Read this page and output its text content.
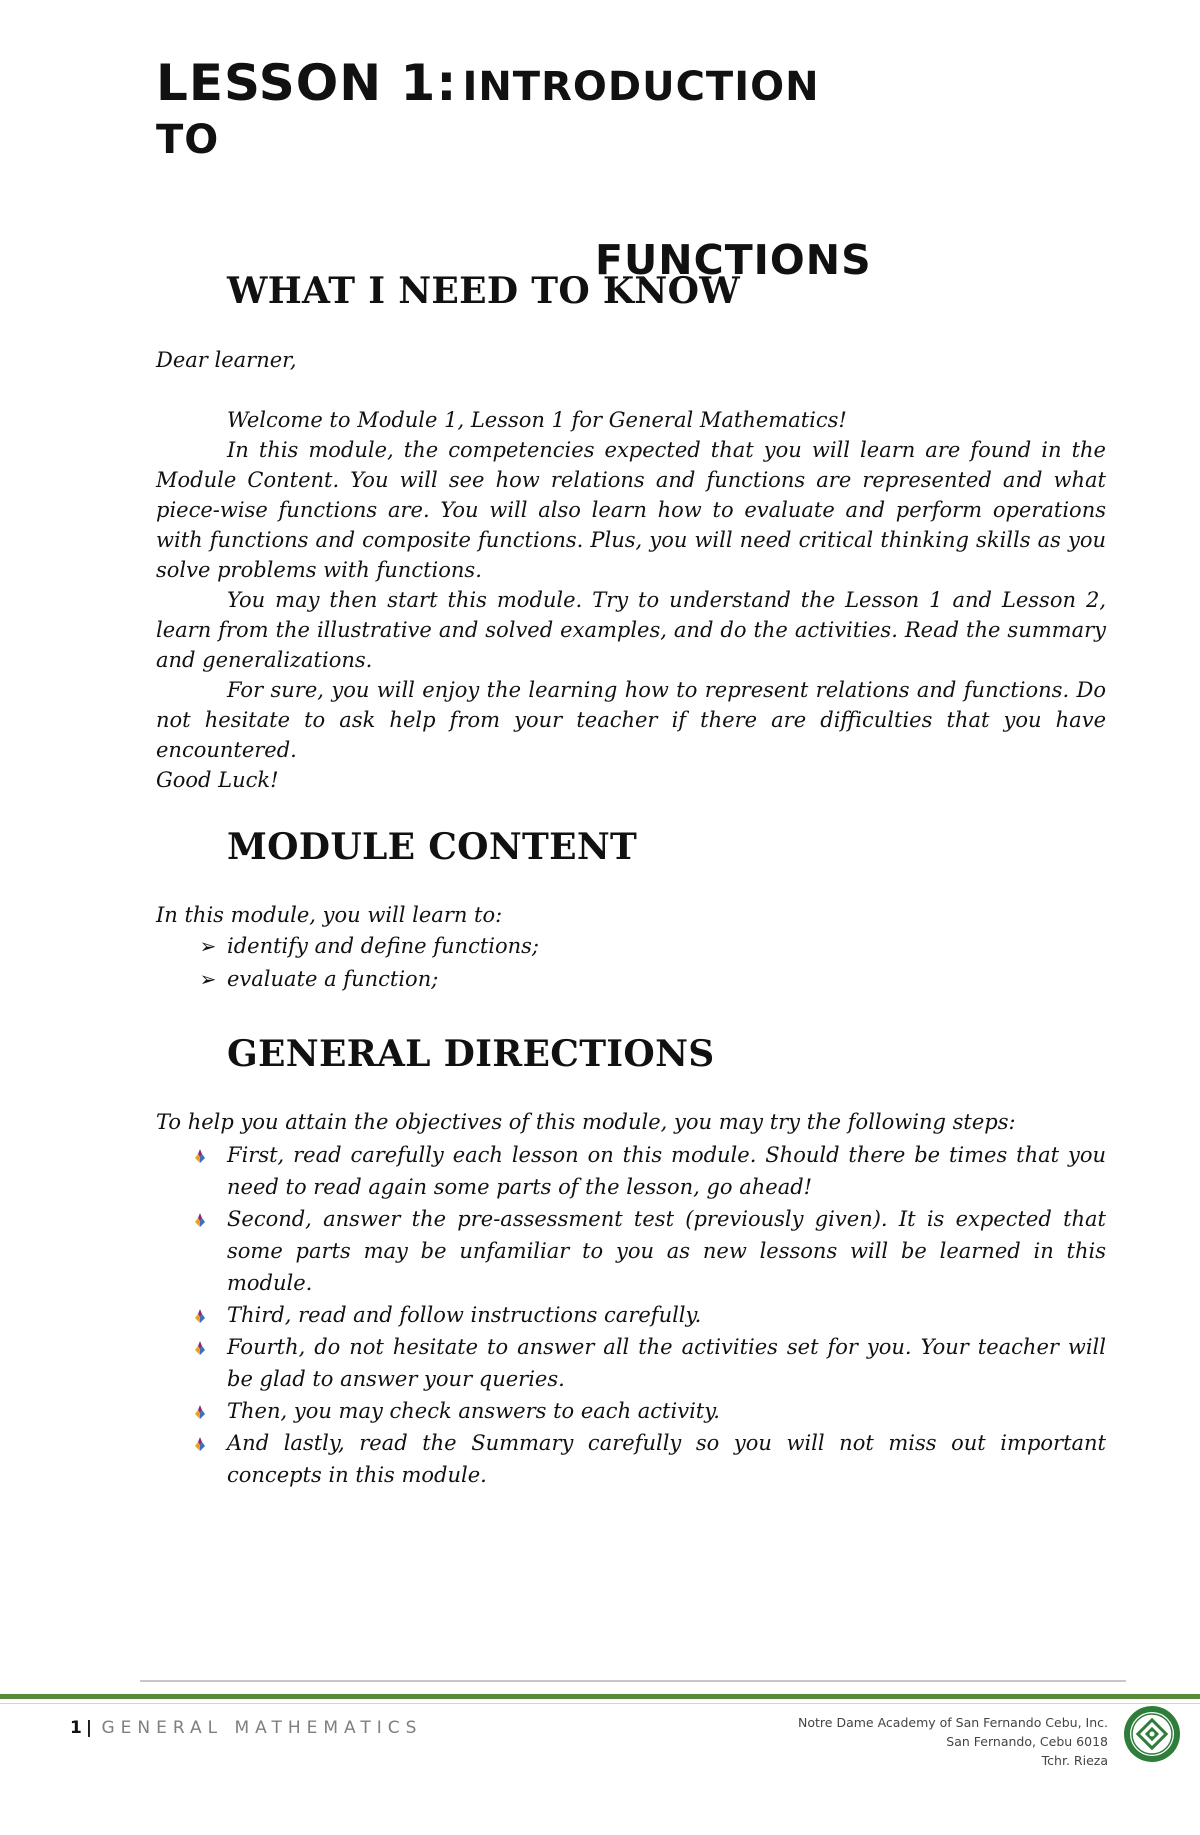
LESSON 1: INTRODUCTION
TO
FUNCTIONS
WHAT I NEED TO KNOW

Dear learner,

Welcome to Module 1, Lesson 1 for General Mathematics!

In this module, the competencies expected that you will learn are found in the Module Content. You will see how relations and functions are represented and what piece-wise functions are. You will also learn how to evaluate and perform operations with functions and composite functions. Plus, you will need critical thinking skills as you solve problems with functions.

You may then start this module. Try to understand the Lesson 1 and Lesson 2, learn from the illustrative and solved examples, and do the activities. Read the summary and generalizations.

For sure, you will enjoy the learning how to represent relations and functions. Do not hesitate to ask help from your teacher if there are difficulties that you have encountered.

Good Luck!

MODULE CONTENT
In this module, you will learn to:
➢ identify and define functions;
➢ evaluate a function;
GENERAL DIRECTIONS
To help you attain the objectives of this module, you may try the following steps:
First, read carefully each lesson on this module. Should there be times that you need to read again some parts of the lesson, go ahead!
Second, answer the pre-assessment test (previously given). It is expected that some parts may be unfamiliar to you as new lessons will be learned in this module.
Third, read and follow instructions carefully.
Fourth, do not hesitate to answer all the activities set for you. Your teacher will be glad to answer your queries.
Then, you may check answers to each activity.
And lastly, read the Summary carefully so you will not miss out important concepts in this module.
1 | GENERAL MATHEMATICS	Notre Dame Academy of San Fernando Cebu, Inc.
San Fernando, Cebu 6018
Tchr. Rieza
